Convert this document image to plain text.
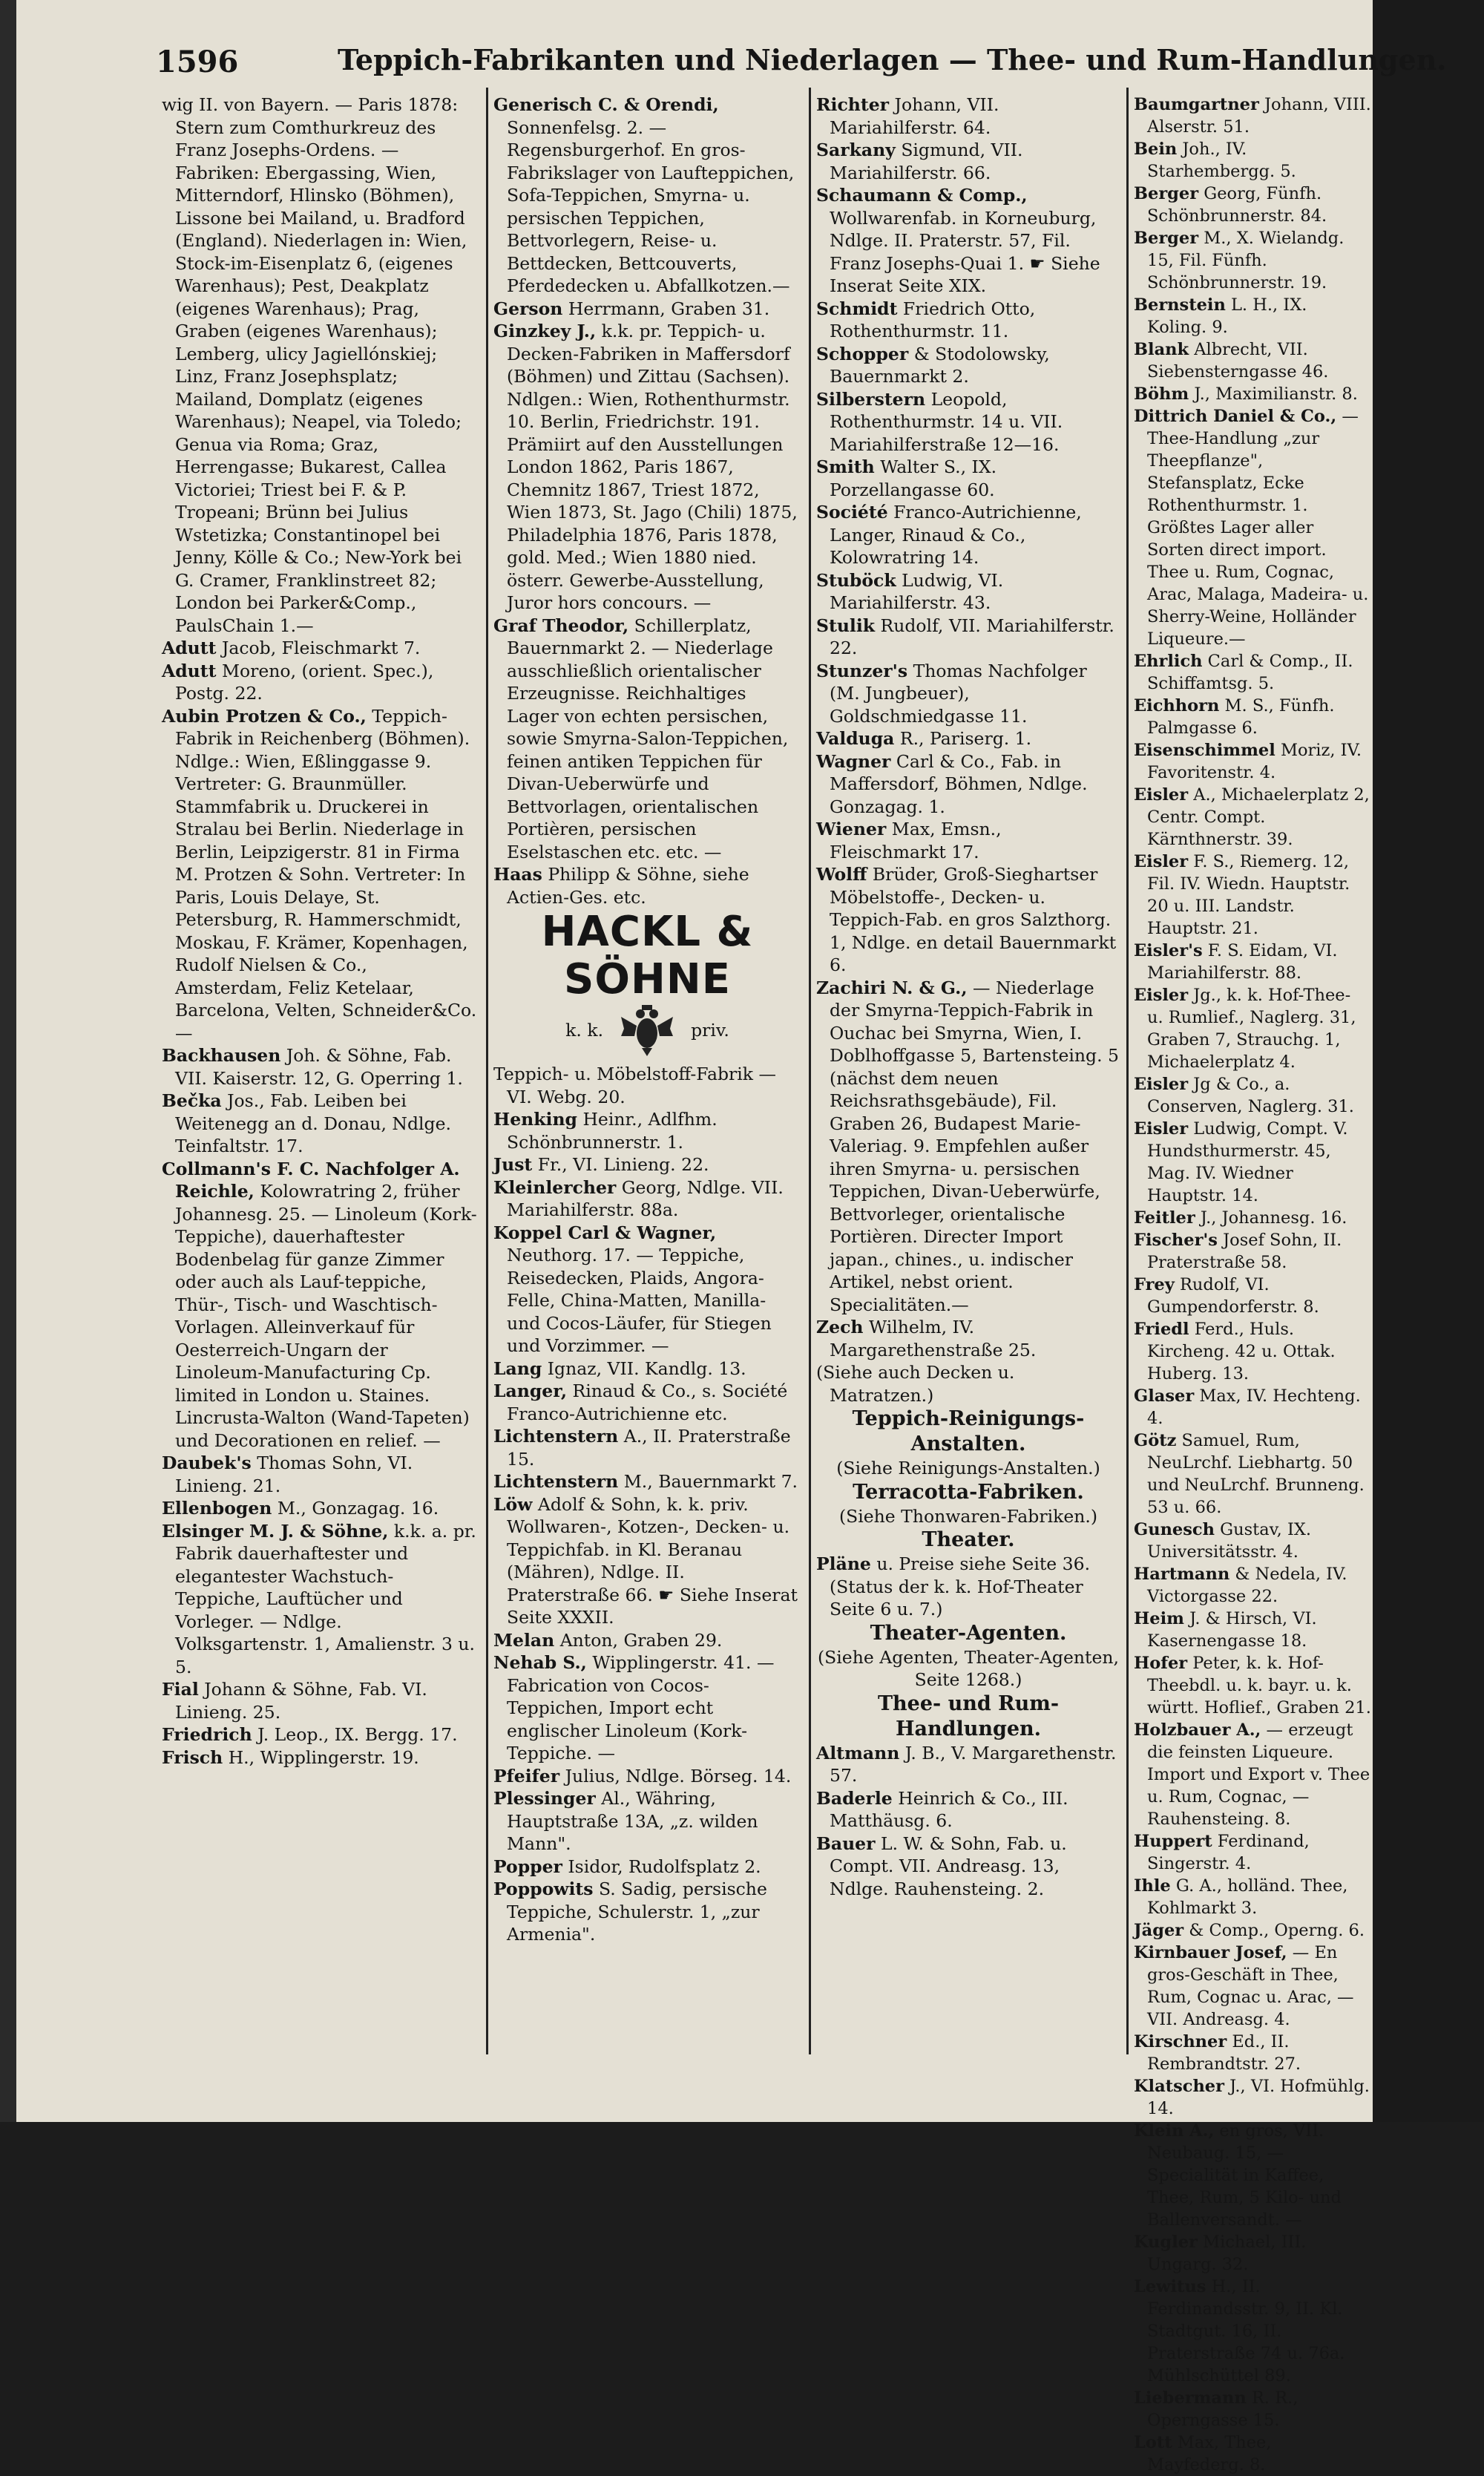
1596	Teppich-Fabrikanten und Niederlagen — Thee- und Rum-Handlungen.

wig II. von Bayern. — Paris 1878: Stern zum Comthurkreuz des Franz Josephs-Ordens. — Fabriken: Ebergassing, Wien, Mitterndorf, Hlinsko (Böhmen), Lissone bei Mailand, u. Bradford (England). Niederlagen in: Wien, Stock-im-Eisenplatz 6, (eigenes Warenhaus); Pest, Deakplatz (eigenes Warenhaus); Prag, Graben (eigenes Warenhaus); Lemberg, ulicy Jagiellónskiej; Linz, Franz Josephsplatz; Mailand, Domplatz (eigenes Warenhaus); Neapel, via Toledo; Genua via Roma; Graz, Herrengasse; Bukarest, Callea Victoriei; Triest bei F. & P. Tropeani; Brünn bei Julius Wstetizka; Constantinopel bei Jenny, Kölle & Co.; New-York bei G. Cramer, Franklinstreet 82; London bei Parker&Comp., PaulsChain 1.—

Adutt Jacob, Fleischmarkt 7.

Adutt Moreno, (orient. Spec.), Postg. 22.

Aubin Protzen & Co., Teppich-Fabrik in Reichenberg (Böhmen). Ndlge.: Wien, Eßlinggasse 9. Vertreter: G. Braunmüller. Stammfabrik u. Druckerei in Stralau bei Berlin. Niederlage in Berlin, Leipzigerstr. 81 in Firma M. Protzen & Sohn. Vertreter: In Paris, Louis Delaye, St. Petersburg, R. Hammerschmidt, Moskau, F. Krämer, Kopenhagen, Rudolf Nielsen & Co., Amsterdam, Feliz Ketelaar, Barcelona, Velten, Schneider&Co.—

Backhausen Joh. & Söhne, Fab. VII. Kaiserstr. 12, G. Operring 1.

Bečka Jos., Fab. Leiben bei Weitenegg an d. Donau, Ndlge. Teinfaltstr. 17.

Collmann's F. C. Nachfolger A. Reichle, Kolowratring 2, früher Johannesg. 25. — Linoleum (Kork-Teppiche), dauerhaftester Bodenbelag für ganze Zimmer oder auch als Lauf-teppiche, Thür-, Tisch- und Waschtisch-Vorlagen. Alleinverkauf für Oesterreich-Ungarn der Linoleum-Manufacturing Cp. limited in London u. Staines. Lincrusta-Walton (Wand-Tapeten) und Decorationen en relief. —

Daubek's Thomas Sohn, VI. Linieng. 21.

Ellenbogen M., Gonzagag. 16.

Elsinger M. J. & Söhne, k.k. a. pr. Fabrik dauerhaftester und elegantester Wachstuch-Teppiche, Lauftücher und Vorleger. — Ndlge. Volksgartenstr. 1, Amalienstr. 3 u. 5.

Fial Johann & Söhne, Fab. VI. Linieng. 25.

Friedrich J. Leop., IX. Bergg. 17.

Frisch H., Wipplingerstr. 19.

Generisch C. & Orendi, Sonnenfelsg. 2. — Regensburgerhof. En gros-Fabrikslager von Laufteppichen, Sofa-Teppichen, Smyrna- u. persischen Teppichen, Bettvorlegern, Reise- u. Bettdecken, Bettcouverts, Pferdedecken u. Abfallkotzen.—

Gerson Herrmann, Graben 31.

Ginzkey J., k.k. pr. Teppich- u. Decken-Fabriken in Maffersdorf (Böhmen) und Zittau (Sachsen). Ndlgen.: Wien, Rothenthurmstr. 10. Berlin, Friedrichstr. 191. Prämiirt auf den Ausstellungen London 1862, Paris 1867, Chemnitz 1867, Triest 1872, Wien 1873, St. Jago (Chili) 1875, Philadelphia 1876, Paris 1878, gold. Med.; Wien 1880 nied. österr. Gewerbe-Ausstellung, Juror hors concours. —

Graf Theodor, Schillerplatz, Bauernmarkt 2. — Niederlage ausschließlich orientalischer Erzeugnisse. Reichhaltiges Lager von echten persischen, sowie Smyrna-Salon-Teppichen, feinen antiken Teppichen für Divan-Ueberwürfe und Bettvorlagen, orientalischen Portièren, persischen Eselstaschen etc. etc. —

Haas Philipp & Söhne, siehe Actien-Ges. etc.

HACKL & SÖHNE

k. k.	priv.

Teppich- u. Möbelstoff-Fabrik — VI. Webg. 20.

Henking Heinr., Adlfhm. Schönbrunnerstr. 1.

Just Fr., VI. Linieng. 22.

Kleinlercher Georg, Ndlge. VII. Mariahilferstr. 88a.

Koppel Carl & Wagner, Neuthorg. 17. — Teppiche, Reisedecken, Plaids, Angora-Felle, China-Matten, Manilla- und Cocos-Läufer, für Stiegen und Vorzimmer. —

Lang Ignaz, VII. Kandlg. 13.

Langer, Rinaud & Co., s. Société Franco-Autrichienne etc.

Lichtenstern A., II. Praterstraße 15.

Lichtenstern M., Bauernmarkt 7.

Löw Adolf & Sohn, k. k. priv. Wollwaren-, Kotzen-, Decken- u. Teppichfab. in Kl. Beranau (Mähren), Ndlge. II. Praterstraße 66. ☛ Siehe Inserat Seite XXXII.

Melan Anton, Graben 29.

Nehab S., Wipplingerstr. 41. — Fabrication von Cocos-Teppichen, Import echt englischer Linoleum (Kork-Teppiche. —

Pfeifer Julius, Ndlge. Börseg. 14.

Plessinger Al., Währing, Hauptstraße 13A, „z. wilden Mann".

Popper Isidor, Rudolfsplatz 2.

Poppowits S. Sadig, persische Teppiche, Schulerstr. 1, „zur Armenia".

Richter Johann, VII. Mariahilferstr. 64.

Sarkany Sigmund, VII. Mariahilferstr. 66.

Schaumann & Comp., Wollwarenfab. in Korneuburg, Ndlge. II. Praterstr. 57, Fil. Franz Josephs-Quai 1. ☛ Siehe Inserat Seite XIX.

Schmidt Friedrich Otto, Rothenthurmstr. 11.

Schopper & Stodolowsky, Bauernmarkt 2.

Silberstern Leopold, Rothenthurmstr. 14 u. VII. Mariahilferstraße 12—16.

Smith Walter S., IX. Porzellangasse 60.

Société Franco-Autrichienne, Langer, Rinaud & Co., Kolowratring 14.

Stuböck Ludwig, VI. Mariahilferstr. 43.

Stulik Rudolf, VII. Mariahilferstr. 22.

Stunzer's Thomas Nachfolger (M. Jungbeuer), Goldschmiedgasse 11.

Valduga R., Pariserg. 1.

Wagner Carl & Co., Fab. in Maffersdorf, Böhmen, Ndlge. Gonzagag. 1.

Wiener Max, Emsn., Fleischmarkt 17.

Wolff Brüder, Groß-Sieghartser Möbelstoffe-, Decken- u. Teppich-Fab. en gros Salzthorg. 1, Ndlge. en detail Bauernmarkt 6.

Zachiri N. & G., — Niederlage der Smyrna-Teppich-Fabrik in Ouchac bei Smyrna, Wien, I. Doblhoffgasse 5, Bartensteing. 5 (nächst dem neuen Reichsrathsgebäude), Fil. Graben 26, Budapest Marie-Valeriag. 9. Empfehlen außer ihren Smyrna- u. persischen Teppichen, Divan-Ueberwürfe, Bettvorleger, orientalische Portièren. Directer Import japan., chines., u. indischer Artikel, nebst orient. Specialitäten.—

Zech Wilhelm, IV. Margarethenstraße 25.

(Siehe auch Decken u. Matratzen.)

Teppich-Reinigungs-Anstalten.

(Siehe Reinigungs-Anstalten.)

Terracotta-Fabriken.

(Siehe Thonwaren-Fabriken.)

Theater.

Pläne u. Preise siehe Seite 36. (Status der k. k. Hof-Theater Seite 6 u. 7.)

Theater-Agenten.

(Siehe Agenten, Theater-Agenten, Seite 1268.)

Thee- und Rum-Handlungen.

Altmann J. B., V. Margarethenstr. 57.

Baderle Heinrich & Co., III. Matthäusg. 6.

Bauer L. W. & Sohn, Fab. u. Compt. VII. Andreasg. 13, Ndlge. Rauhensteing. 2.

Baumgartner Johann, VIII. Alserstr. 51.

Bein Joh., IV. Starhembergg. 5.

Berger Georg, Fünfh. Schönbrunnerstr. 84.

Berger M., X. Wielandg. 15, Fil. Fünfh. Schönbrunnerstr. 19.

Bernstein L. H., IX. Koling. 9.

Blank Albrecht, VII. Siebensterngasse 46.

Böhm J., Maximilianstr. 8.

Dittrich Daniel & Co., — Thee-Handlung „zur Theepflanze", Stefansplatz, Ecke Rothenthurmstr. 1. Größtes Lager aller Sorten direct import. Thee u. Rum, Cognac, Arac, Malaga, Madeira- u. Sherry-Weine, Holländer Liqueure.—

Ehrlich Carl & Comp., II. Schiffamtsg. 5.

Eichhorn M. S., Fünfh. Palmgasse 6.

Eisenschimmel Moriz, IV. Favoritenstr. 4.

Eisler A., Michaelerplatz 2, Centr. Compt. Kärnthnerstr. 39.

Eisler F. S., Riemerg. 12, Fil. IV. Wiedn. Hauptstr. 20 u. III. Landstr. Hauptstr. 21.

Eisler's F. S. Eidam, VI. Mariahilferstr. 88.

Eisler Jg., k. k. Hof-Thee- u. Rumlief., Naglerg. 31, Graben 7, Strauchg. 1, Michaelerplatz 4.

Eisler Jg & Co., a. Conserven, Naglerg. 31.

Eisler Ludwig, Compt. V. Hundsthurmerstr. 45, Mag. IV. Wiedner Hauptstr. 14.

Feitler J., Johannesg. 16.

Fischer's Josef Sohn, II. Praterstraße 58.

Frey Rudolf, VI. Gumpendorferstr. 8.

Friedl Ferd., Huls. Kircheng. 42 u. Ottak. Huberg. 13.

Glaser Max, IV. Hechteng. 4.

Götz Samuel, Rum, NeuLrchf. Liebhartg. 50 und NeuLrchf. Brunneng. 53 u. 66.

Gunesch Gustav, IX. Universitätsstr. 4.

Hartmann & Nedela, IV. Victorgasse 22.

Heim J. & Hirsch, VI. Kasernengasse 18.

Hofer Peter, k. k. Hof-Theebdl. u. k. bayr. u. k. württ. Hoflief., Graben 21.

Holzbauer A., — erzeugt die feinsten Liqueure. Import und Export v. Thee u. Rum, Cognac, — Rauhensteing. 8.

Huppert Ferdinand, Singerstr. 4.

Ihle G. A., holländ. Thee, Kohlmarkt 3.

Jäger & Comp., Operng. 6.

Kirnbauer Josef, — En gros-Geschäft in Thee, Rum, Cognac u. Arac, — VII. Andreasg. 4.

Kirschner Ed., II. Rembrandtstr. 27.

Klatscher J., VI. Hofmühlg. 14.

Klein A., en gros, VII. Neubaug. 15, — Specialität in Kaffee, Thee, Rum, 5 Kilo- und Ballenversandt. —

Kugler Michael, III. Ungarg. 32.

Lewitus H., II. Ferdinandsstr. 9, II. Kl. Stadtgut. 16, II. Praterstraße 74 u. 76a. Mühlschüttel 89.

Liebermann R. R., Operngasse 15.

Lott Max, Thee, Mayfederg. 8.
